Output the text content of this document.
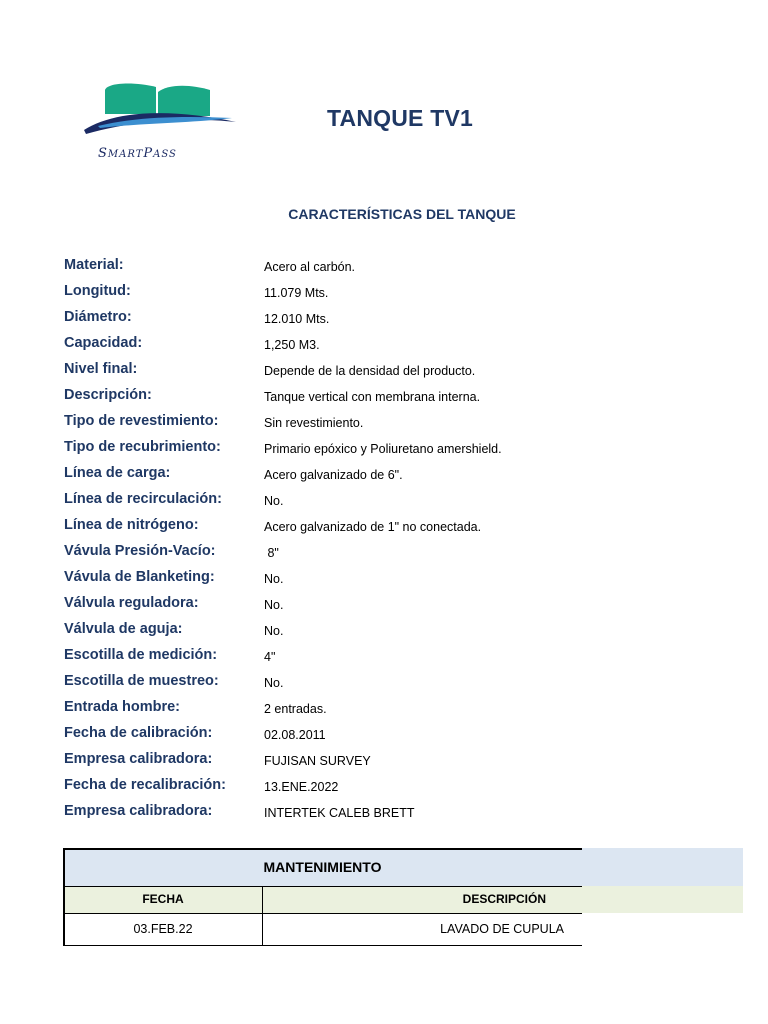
SMARTPASS
TANQUE TV1
CARACTERÍSTICAS DEL TANQUE
Material:	Acero al carbón.
Longitud:	11.079 Mts.
Diámetro:	12.010 Mts.
Capacidad:	1,250 M3.
Nivel final:	Depende de la densidad del producto.
Descripción:	Tanque vertical con membrana interna.
Tipo de revestimiento:	Sin revestimiento.
Tipo de recubrimiento:	Primario epóxico y Poliuretano amershield.
Línea de carga:	Acero galvanizado de 6".
Línea de recirculación:	No.
Línea de nitrógeno:	Acero galvanizado de 1" no conectada.
Vávula Presión-Vacío:	8"
Vávula de Blanketing:	No.
Válvula reguladora:	No.
Válvula de aguja:	No.
Escotilla de medición:	4"
Escotilla de muestreo:	No.
Entrada hombre:	2 entradas.
Fecha de calibración:	02.08.2011
Empresa calibradora:	FUJISAN SURVEY
Fecha de recalibración:	13.ENE.2022
Empresa calibradora:	INTERTEK CALEB BRETT
MANTENIMIENTO
FECHA	DESCRIPCIÓN
03.FEB.22	LAVADO DE CUPULA
